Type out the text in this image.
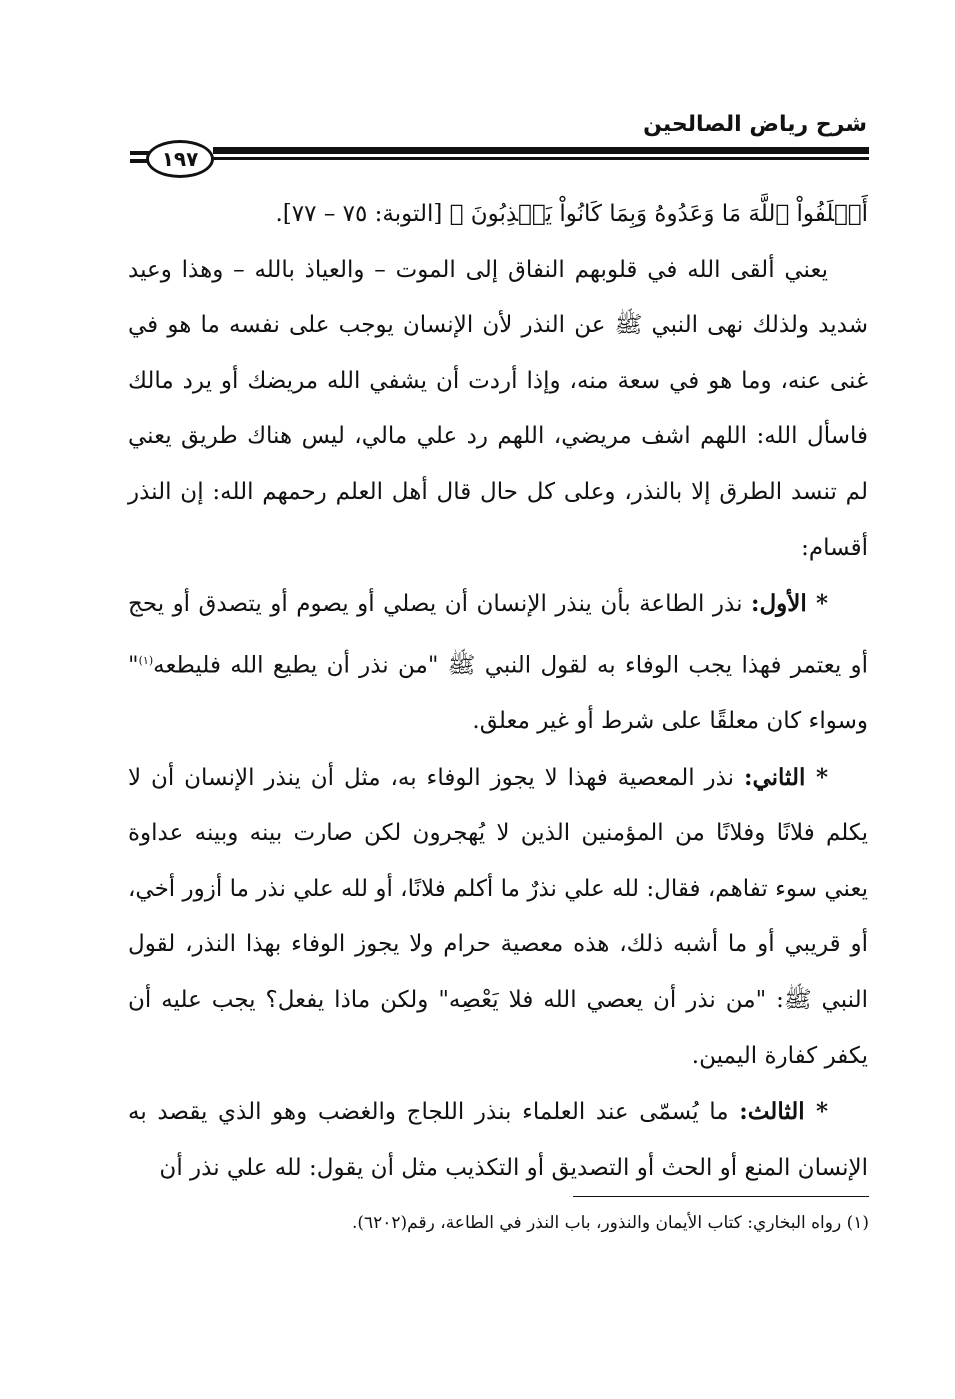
شرح رياض الصالحين
١٩٧

أَخۡلَفُواْ ٱللَّهَ مَا وَعَدُوهُ وَبِمَا كَانُواْ يَكۡذِبُونَ ﴾ [التوبة: ٧٥ – ٧٧].

يعني ألقى الله في قلوبهم النفاق إلى الموت – والعياذ بالله – وهذا وعيد شديد ولذلك نهى النبي ﷺ عن النذر لأن الإنسان يوجب على نفسه ما هو في غنى عنه، وما هو في سعة منه، وإذا أردت أن يشفي الله مريضك أو يرد مالك فاسأل الله: اللهم اشف مريضي، اللهم رد علي مالي، ليس هناك طريق يعني لم تنسد الطرق إلا بالنذر، وعلى كل حال قال أهل العلم رحمهم الله: إن النذر أقسام:

* الأول: نذر الطاعة بأن ينذر الإنسان أن يصلي أو يصوم أو يتصدق أو يحج أو يعتمر فهذا يجب الوفاء به لقول النبي ﷺ "من نذر أن يطيع الله فليطعه$^{(١)}$" وسواء كان معلقًا على شرط أو غير معلق.

* الثاني: نذر المعصية فهذا لا يجوز الوفاء به، مثل أن ينذر الإنسان أن لا يكلم فلانًا وفلانًا من المؤمنين الذين لا يُهجرون لكن صارت بينه وبينه عداوة يعني سوء تفاهم، فقال: لله علي نذرٌ ما أكلم فلانًا، أو لله علي نذر ما أزور أخي، أو قريبي أو ما أشبه ذلك، هذه معصية حرام ولا يجوز الوفاء بهذا النذر، لقول النبي ﷺ: "من نذر أن يعصي الله فلا يَعْصِه" ولكن ماذا يفعل؟ يجب عليه أن يكفر كفارة اليمين.

* الثالث: ما يُسمّى عند العلماء بنذر اللجاج والغضب وهو الذي يقصد به الإنسان المنع أو الحث أو التصديق أو التكذيب مثل أن يقول: لله علي نذر أن

(١) رواه البخاري: كتاب الأيمان والنذور، باب النذر في الطاعة، رقم(٦٢٠٢).
